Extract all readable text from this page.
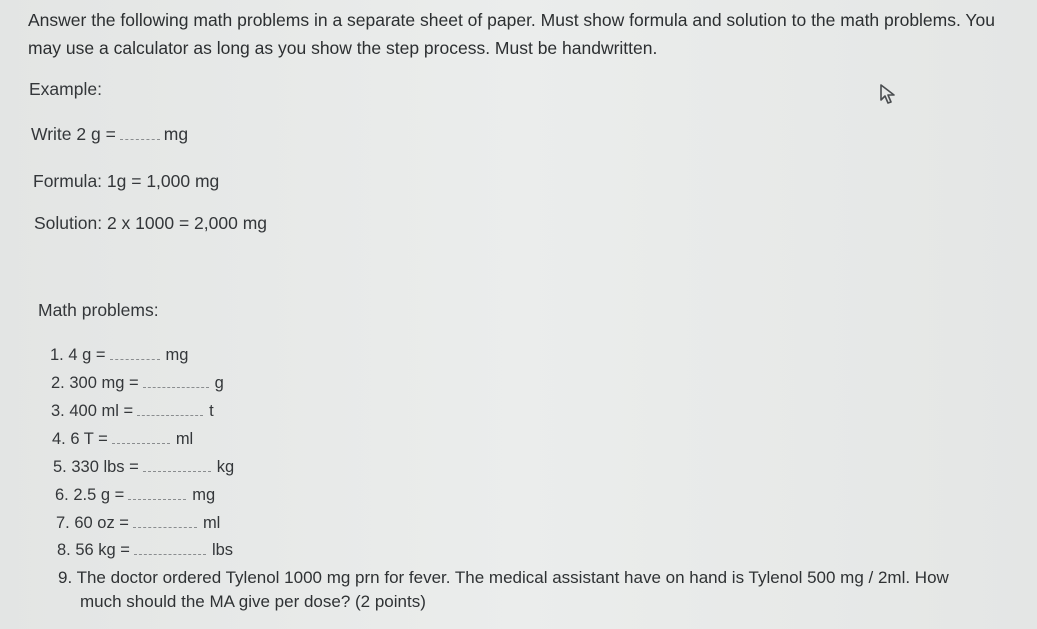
Answer the following math problems in a separate sheet of paper. Must show formula and solution to the math problems. You may use a calculator as long as you show the step process. Must be handwritten.
Example:
Write 2 g =	mg
Formula: 1g = 1,000 mg
Solution: 2 x 1000 = 2,000 mg
Math problems:
1. 4 g =	mg
2. 300 mg =	g
3. 400 ml =	t
4. 6 T =	ml
5. 330 lbs =	kg
6. 2.5 g =	mg
7. 60 oz =	ml
8. 56 kg =	lbs
9. The doctor ordered Tylenol 1000 mg prn for fever. The medical assistant have on hand is Tylenol 500 mg / 2ml. How
much should the MA give per dose? (2 points)
